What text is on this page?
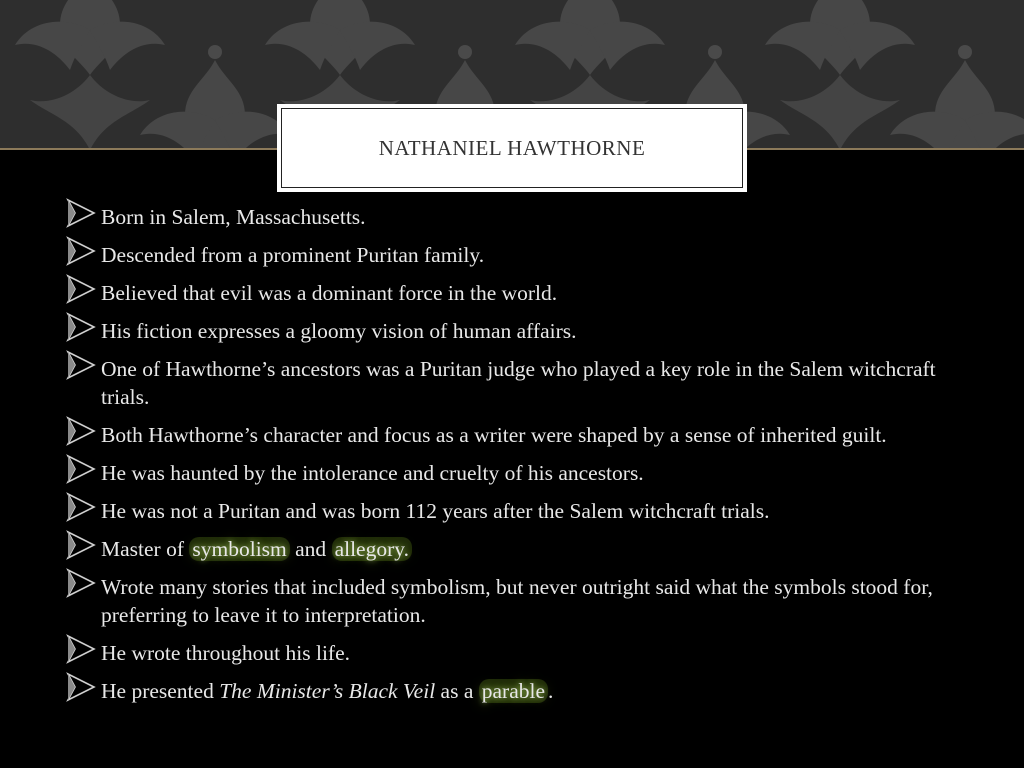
NATHANIEL HAWTHORNE
Born in Salem, Massachusetts.
Descended from a prominent Puritan family.
Believed that evil was a dominant force in the world.
His fiction expresses a gloomy vision of human affairs.
One of Hawthorne’s ancestors was a Puritan judge who played a key role in the Salem witchcraft trials.
Both Hawthorne’s character and focus as a writer were shaped by a sense of inherited guilt.
He was haunted by the intolerance and cruelty of his ancestors.
He was not a Puritan and was born 112 years after the Salem witchcraft trials.
Master of symbolism and allegory.
Wrote many stories that included symbolism, but never outright said what the symbols stood for, preferring to leave it to interpretation.
He wrote throughout his life.
He presented The Minister’s Black Veil as a parable .
